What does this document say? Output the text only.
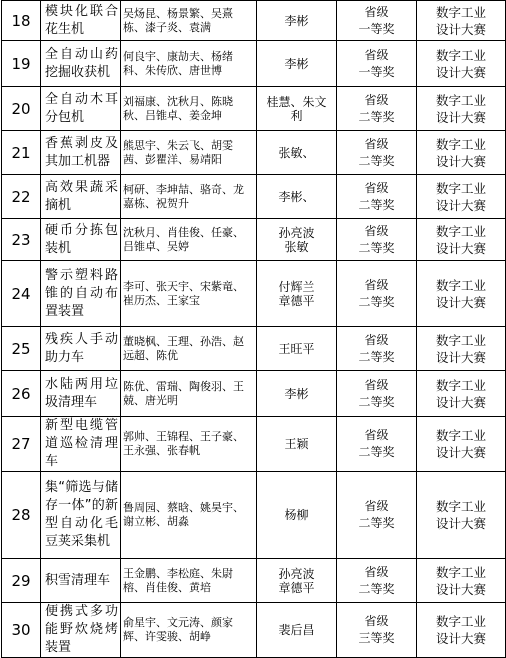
18	模块化联合花生机	吴炀昆、杨景繁、吴熹栋、漆子炎、袁满	李彬	省级
一等奖	数字工业
设计大赛

19	全自动山药挖掘收获机	何良宇、康劼夫、杨绪科、朱传欣、唐世博	李彬	省级
一等奖	数字工业
设计大赛

20	全自动木耳分包机	刘福康、沈秋月、陈晓秋、吕锥卓、姜金坤	桂慧、朱文
利	省级
二等奖	数字工业
设计大赛

21	香蕉剥皮及其加工机器	熊思宇、朱云飞、胡雯茜、彭瞿洋、易靖阳	张敏、	省级
二等奖	数字工业
设计大赛

22	高效果蔬采摘机	柯研、李坤喆、骆奇、龙嘉栋、祝贺升	李彬、	省级
二等奖	数字工业
设计大赛

23	硬币分拣包装机	沈秋月、肖佳俊、任豪、吕锥卓、吴婷	孙亮波
张敏	省级
二等奖	数字工业
设计大赛

24	警示塑料路锥的自动布置装置	李可、张天宇、宋紫竜、崔历杰、王家宝	付辉兰
章德平	省级
二等奖	数字工业
设计大赛

25	残疾人手动助力车	董晓枫、王理、孙浩、赵远超、陈优	王旺平	省级
二等奖	数字工业
设计大赛

26	水陆两用垃圾清理车	陈优、雷瑞、陶俊羽、王兢、唐光明	李彬	省级
二等奖	数字工业
设计大赛

27	新型电缆管道巡检清理车	郭帅、王锦程、王子豪、王永强、张春帆	王颖	省级
二等奖	数字工业
设计大赛

28	集“筛选与储存一体”的新型自动化毛豆荚采集机	鲁周园、蔡晗、姚昊宇、谢立彬、胡淼	杨柳	省级
二等奖	数字工业
设计大赛

29	积雪清理车	王金鹏、李松庭、朱尉榕、肖佳俊、黄培	孙亮波
章德平	省级
二等奖	数字工业
设计大赛

30	便携式多功能野炊烧烤装置	俞星宇、文元涛、颜家辉、许雯骏、胡峥	裴后昌	省级
三等奖	数字工业
设计大赛
